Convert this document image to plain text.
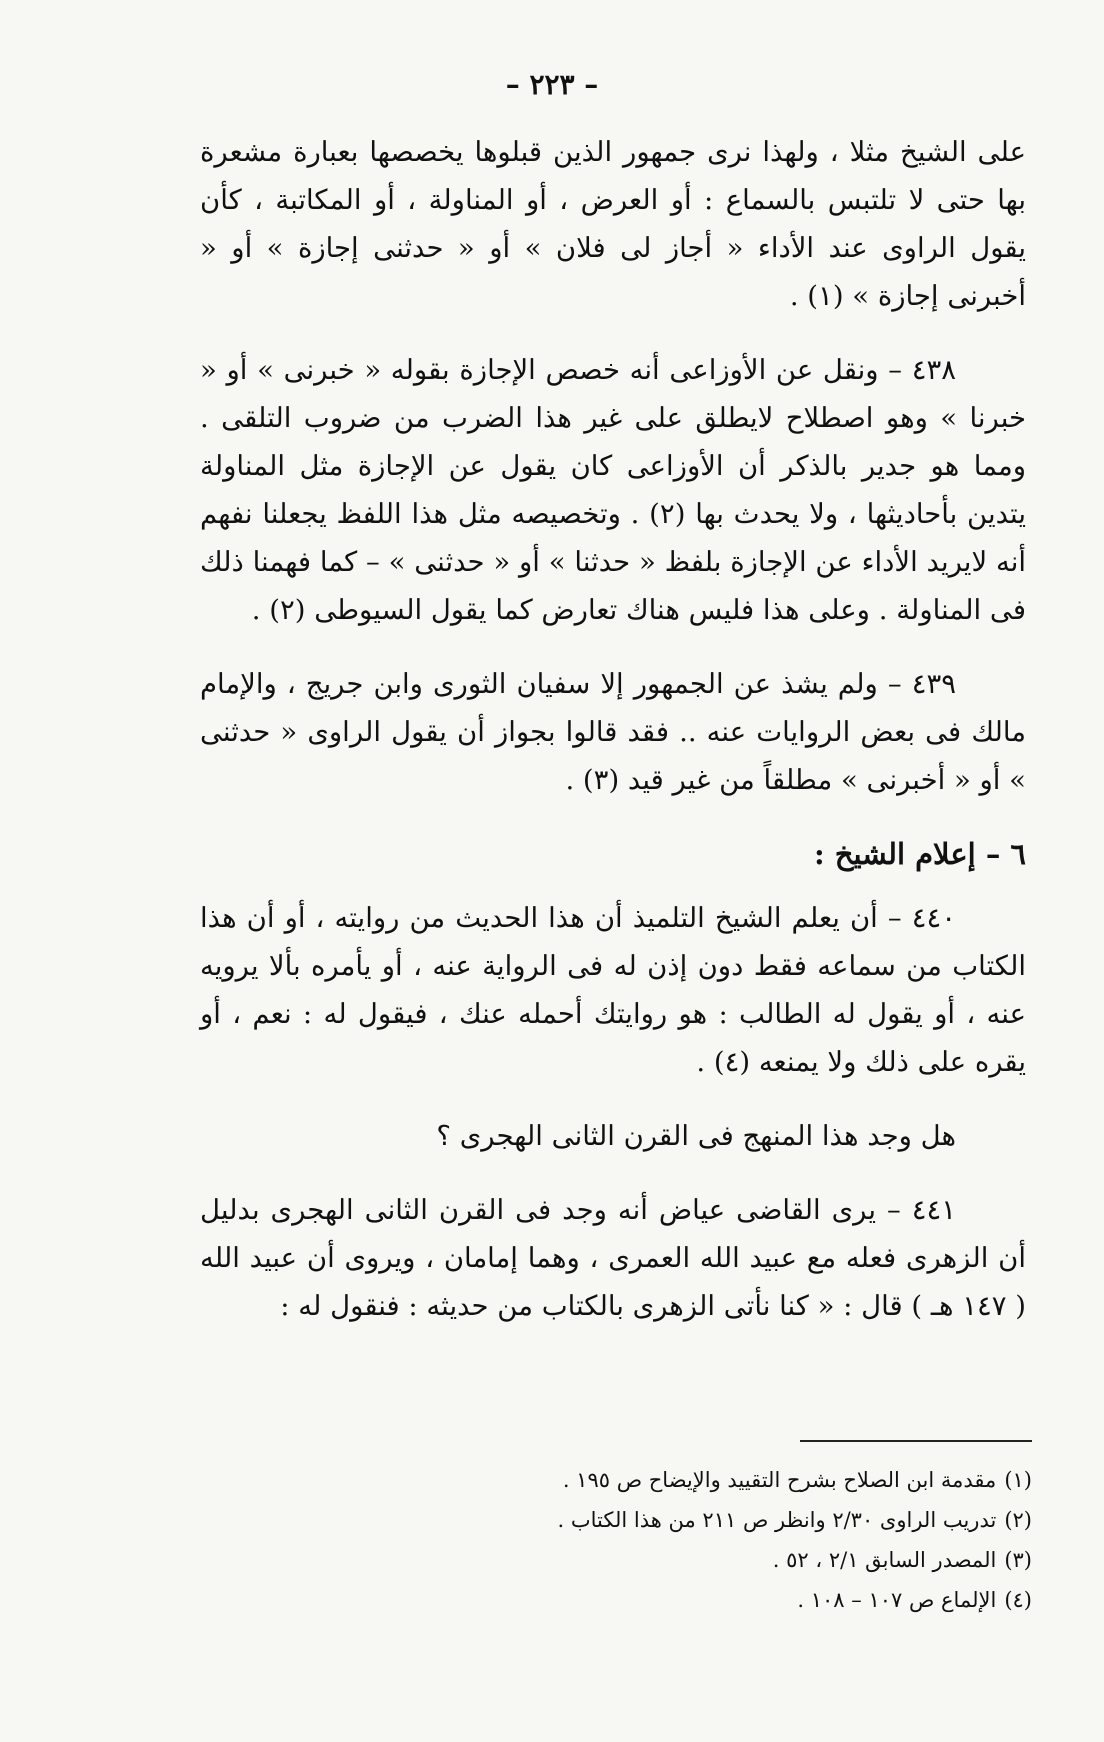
– ٢٢٣ –

على الشيخ مثلا ، ولهذا نرى جمهور الذين قبلوها يخصصها بعبارة مشعرة بها حتى لا تلتبس بالسماع : أو العرض ، أو المناولة ، أو المكاتبة ، كأن يقول الراوى عند الأداء « أجاز لى فلان » أو « حدثنى إجازة » أو « أخبرنى إجازة » (١) .

٤٣٨ – ونقل عن الأوزاعى أنه خصص الإجازة بقوله « خبرنى » أو « خبرنا » وهو اصطلاح لايطلق على غير هذا الضرب من ضروب التلقى . ومما هو جدير بالذكر أن الأوزاعى كان يقول عن الإجازة مثل المناولة يتدين بأحاديثها ، ولا يحدث بها (٢) . وتخصيصه مثل هذا اللفظ يجعلنا نفهم أنه لايريد الأداء عن الإجازة بلفظ « حدثنا » أو « حدثنى » – كما فهمنا ذلك فى المناولة . وعلى هذا فليس هناك تعارض كما يقول السيوطى (٢) .

٤٣٩ – ولم يشذ عن الجمهور إلا سفيان الثورى وابن جريج ، والإمام مالك فى بعض الروايات عنه .. فقد قالوا بجواز أن يقول الراوى « حدثنى » أو « أخبرنى » مطلقاً من غير قيد (٣) .

٦ – إعلام الشيخ :

٤٤٠ – أن يعلم الشيخ التلميذ أن هذا الحديث من روايته ، أو أن هذا الكتاب من سماعه فقط دون إذن له فى الرواية عنه ، أو يأمره بألا يرويه عنه ، أو يقول له الطالب : هو روايتك أحمله عنك ، فيقول له : نعم ، أو يقره على ذلك ولا يمنعه (٤) .

هل وجد هذا المنهج فى القرن الثانى الهجرى ؟

٤٤١ – يرى القاضى عياض أنه وجد فى القرن الثانى الهجرى بدليل أن الزهرى فعله مع عبيد الله العمرى ، وهما إمامان ، ويروى أن عبيد الله ( ١٤٧ هـ ) قال : « كنا نأتى الزهرى بالكتاب من حديثه : فنقول له :

(١)مقدمة ابن الصلاح بشرح التقييد والإيضاح ص ١٩٥ .

(٢)تدريب الراوى ٢/٣٠ وانظر ص ٢١١ من هذا الكتاب .

(٣)المصدر السابق ٢/١ ، ٥٢ .

(٤)الإلماع ص ١٠٧ – ١٠٨ .
